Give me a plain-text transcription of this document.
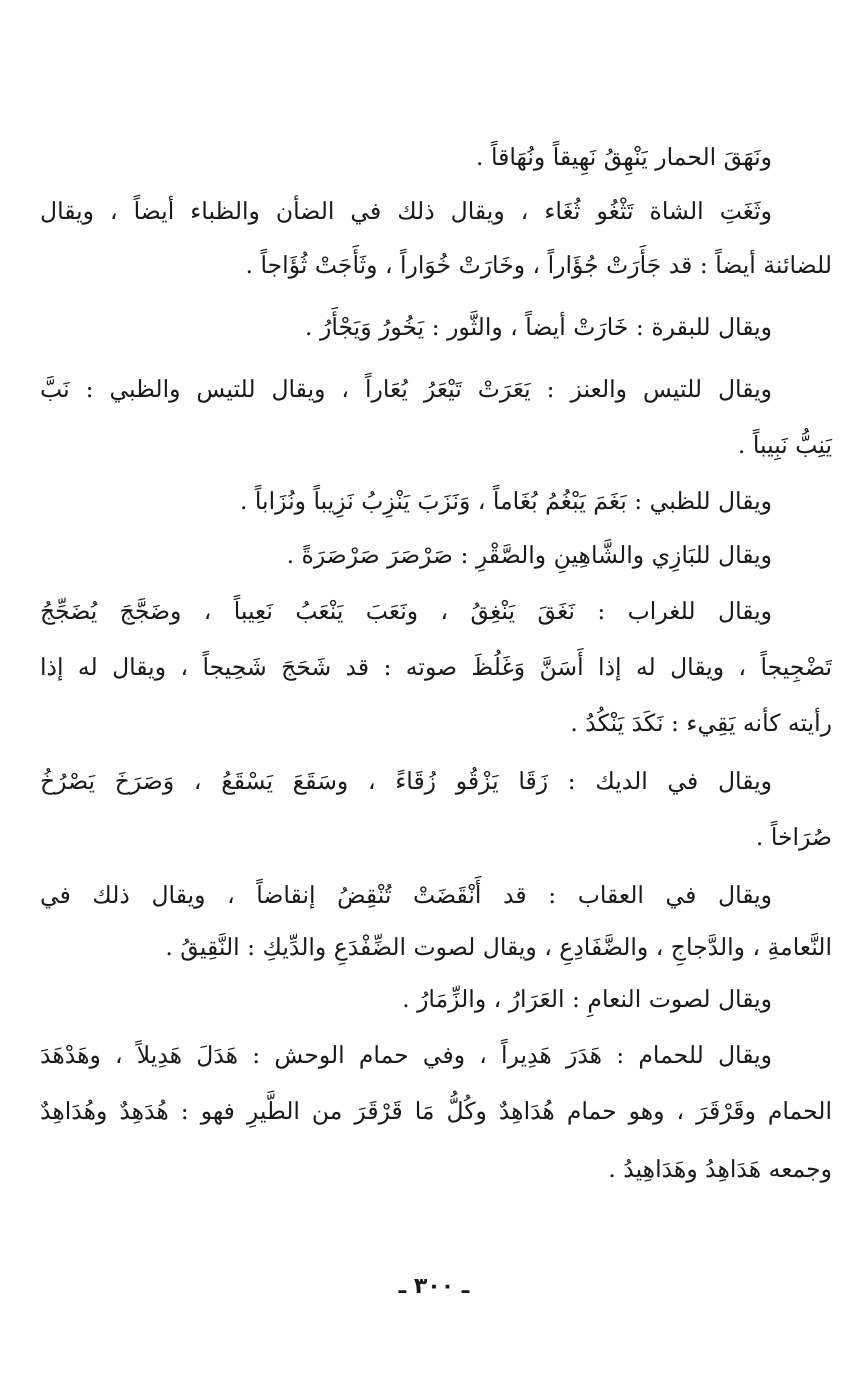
ونَهَقَ الحمار يَنْهِقُ نَهِيقاً ونُهَاقاً .
وثَغَتِ الشاة تَثْغُو ثُغَاء ، ويقال ذلك في الضأن والظباء أيضاً ، ويقال
للضائنة أيضاً : قد جَأَرَتْ جُؤَاراً ، وخَارَتْ خُوَاراً ، وثَأَجَتْ ثُؤَاجاً .
ويقال للبقرة : خَارَتْ أيضاً ، والثَّور : يَخُورُ وَيَجْأَرُ .
ويقال للتيس والعنز : يَعَرَتْ تَيْعَرُ يُعَاراً ، ويقال للتيس والظبي : نَبَّ
يَنِبُّ نَبِيباً .
ويقال للظبي : بَغَمَ يَبْغُمُ بُغَاماً ، وَنَزَبَ يَنْزِبُ نَزِيباً ونُزَاباً .
ويقال للبَازِي والشَّاهِينِ والصَّقْرِ : صَرْصَرَ صَرْصَرَةً .
ويقال للغراب : نَغَقَ يَنْغِقُ ، ونَعَبَ يَنْعَبُ نَعِيباً ، وضَجَّجَ يُضَجِّجُ
تَضْجِيجاً ، ويقال له إذا أَسَنَّ وَغَلُظَ صوته : قد شَحَجَ شَحِيجاً ، ويقال له إذا
رأيته كأنه يَقِيء : نَكَدَ يَنْكُدُ .
ويقال في الديك : زَقَا يَزْقُو زُقَاءً ، وسَقَعَ يَسْقَعُ ، وَصَرَخَ يَصْرُخُ
صُرَاخاً .
ويقال في العقاب : قد أَنْقَضَتْ تُنْقِضُ إنقاضاً ، ويقال ذلك في
النَّعامةِ ، والدَّجاجِ ، والضَّفَادِعِ ، ويقال لصوت الضِّفْدَعِ والدِّيكِ : النَّقِيقُ .
ويقال لصوت النعامِ : العَرَارُ ، والزِّمَارُ .
ويقال للحمام : هَدَرَ هَدِيراً ، وفي حمام الوحش : هَدَلَ هَدِيلاً ، وهَدْهَدَ
الحمام وقَرْقَرَ ، وهو حمام هُدَاهِدٌ وكُلُّ مَا قَرْقَرَ من الطَّيرِ فهو : هُدَهِدٌ وهُدَاهِدٌ
وجمعه هَدَاهِدُ وهَدَاهِيدُ .
ـ ٣٠٠ ـ
